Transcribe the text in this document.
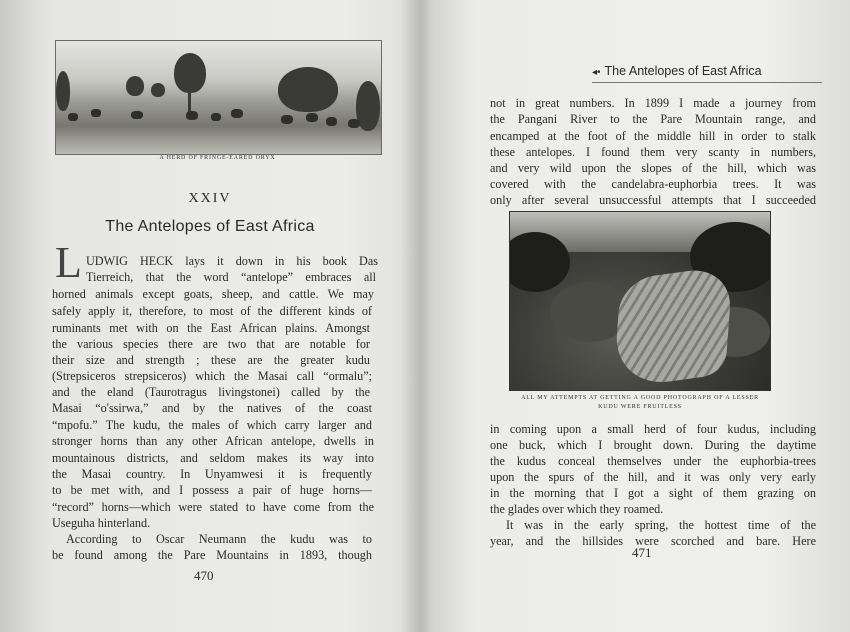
A HERD OF FRINGE-EARED ORYX
XXIV
The Antelopes of East Africa
L UDWIG HECK lays it down in his book Das
Tierreich, that the word “antelope” embraces all
horned animals except goats, sheep, and cattle. We may
safely apply it, therefore, to most of the different kinds of
ruminants met with on the East African plains. Amongst
the various species there are two that are notable for
their size and strength ; these are the greater kudu
(Strepsiceros strepsiceros) which the Masai call “ormalu”;
and the eland (Taurotragus livingstonei) called by the
Masai “o'ssirwa,” and by the natives of the coast
“mpofu.” The kudu, the males of which carry larger and
stronger horns than any other African antelope, dwells in
mountainous districts, and seldom makes its way into
the Masai country. In Unyamwesi it is frequently
to be met with, and I possess a pair of huge horns—
“record” horns—which were stated to have come from the
Useguha hinterland.
According to Oscar Neumann the kudu was to
be found among the Pare Mountains in 1893, though
470
◂• The Antelopes of East Africa
not in great numbers. In 1899 I made a journey from
the Pangani River to the Pare Mountain range, and
encamped at the foot of the middle hill in order to stalk
these antelopes. I found them very scanty in numbers,
and very wild upon the slopes of the hill, which was
covered with the candelabra-euphorbia trees. It was
only after several unsuccessful attempts that I succeeded
ALL MY ATTEMPTS AT GETTING A GOOD PHOTOGRAPH OF A LESSER
KUDU WERE FRUITLESS
in coming upon a small herd of four kudus, including
one buck, which I brought down. During the daytime
the kudus conceal themselves under the euphorbia-trees
upon the spurs of the hill, and it was only very early
in the morning that I got a sight of them grazing on
the glades over which they roamed.
It was in the early spring, the hottest time of the
year, and the hillsides were scorched and bare. Here
471
